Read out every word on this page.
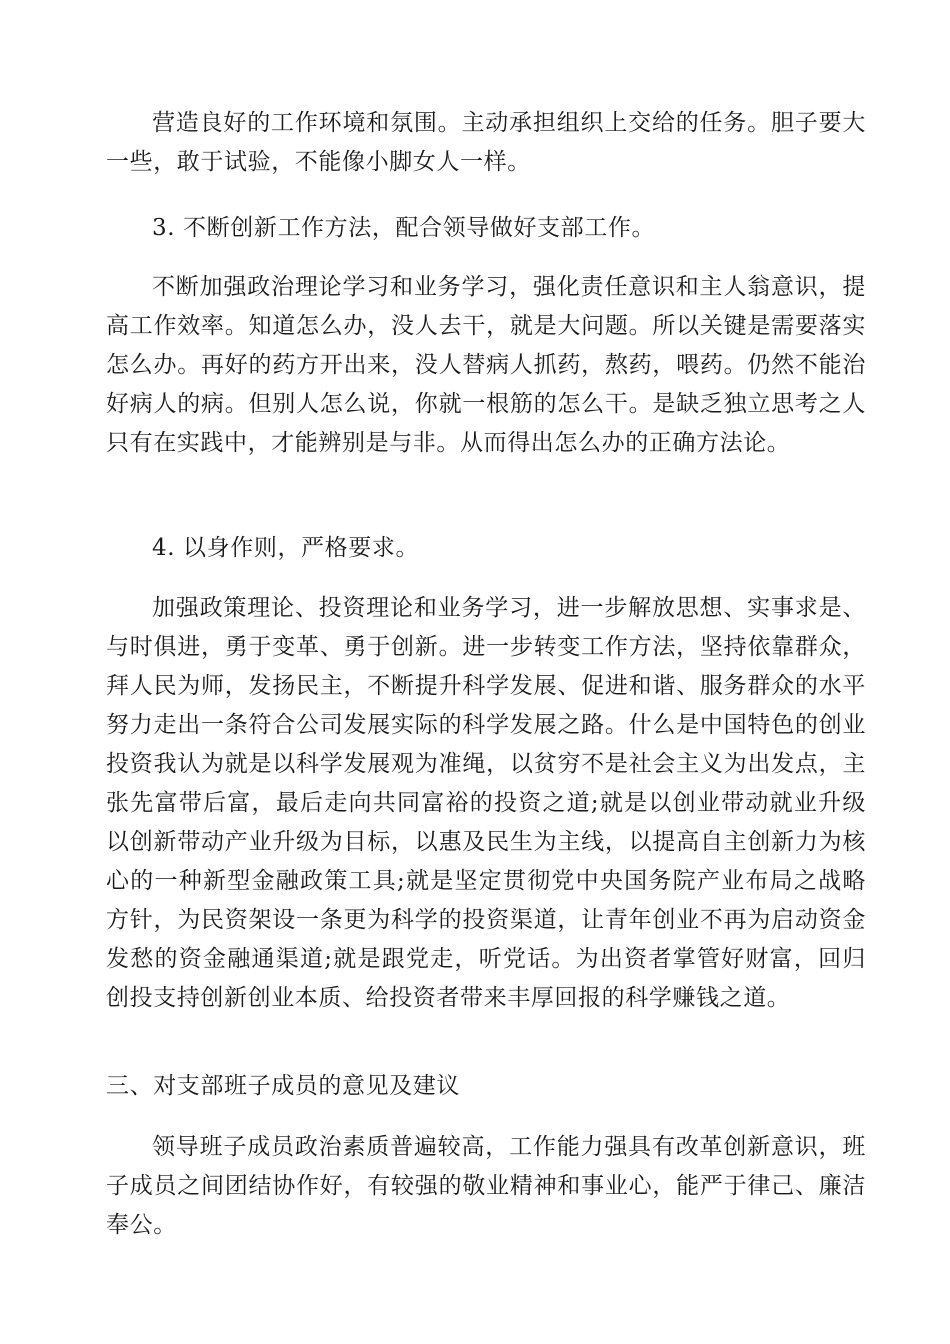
营造良好的工作环境和氛围。主动承担组织上交给的任务。胆子要大一些，敢于试验，不能像小脚女人一样。

3. 不断创新工作方法，配合领导做好支部工作。

不断加强政治理论学习和业务学习，强化责任意识和主人翁意识，提高工作效率。知道怎么办，没人去干，就是大问题。所以关键是需要落实怎么办。再好的药方开出来，没人替病人抓药，熬药，喂药。仍然不能治好病人的病。但别人怎么说，你就一根筋的怎么干。是缺乏独立思考之人只有在实践中，才能辨别是与非。从而得出怎么办的正确方法论。

4. 以身作则，严格要求。

加强政策理论、投资理论和业务学习，进一步解放思想、实事求是、与时俱进，勇于变革、勇于创新。进一步转变工作方法，坚持依靠群众，拜人民为师，发扬民主，不断提升科学发展、促进和谐、服务群众的水平努力走出一条符合公司发展实际的科学发展之路。什么是中国特色的创业投资我认为就是以科学发展观为准绳，以贫穷不是社会主义为出发点，主张先富带后富，最后走向共同富裕的投资之道;就是以创业带动就业升级以创新带动产业升级为目标，以惠及民生为主线，以提高自主创新力为核心的一种新型金融政策工具;就是坚定贯彻党中央国务院产业布局之战略方针，为民资架设一条更为科学的投资渠道，让青年创业不再为启动资金发愁的资金融通渠道;就是跟党走，听党话。为出资者掌管好财富，回归创投支持创新创业本质、给投资者带来丰厚回报的科学赚钱之道。

三、对支部班子成员的意见及建议

领导班子成员政治素质普遍较高，工作能力强具有改革创新意识，班子成员之间团结协作好，有较强的敬业精神和事业心，能严于律己、廉洁奉公。
